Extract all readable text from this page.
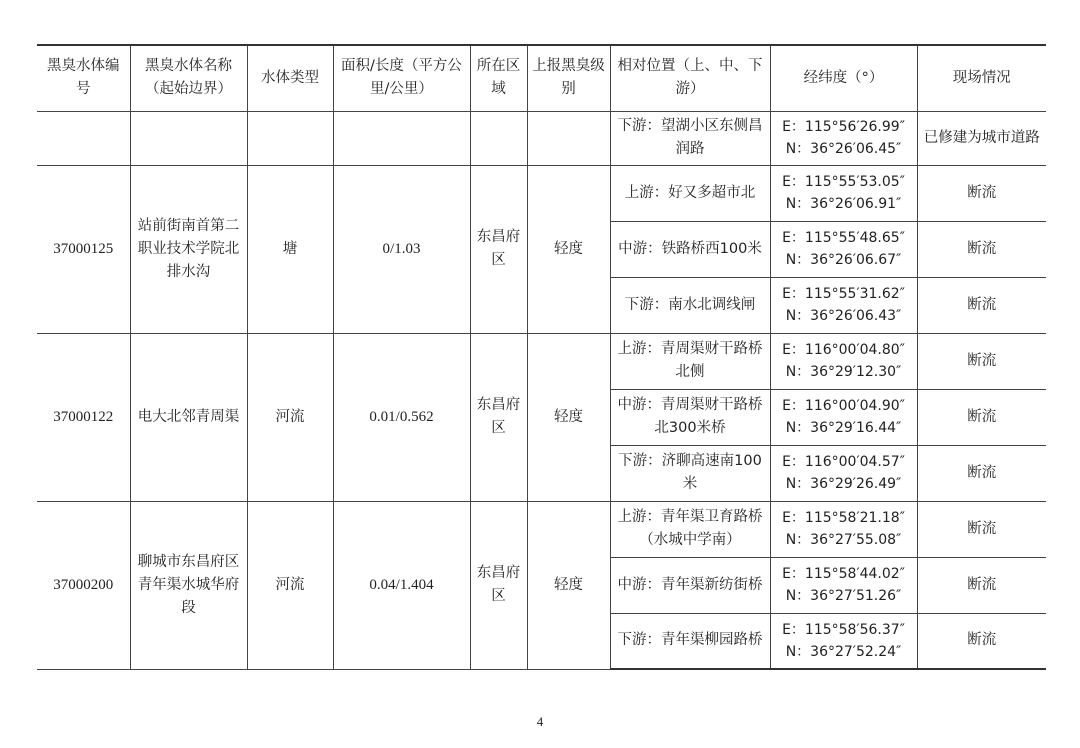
黑臭水体编号	黑臭水体名称（起始边界）	水体类型	面积/长度（平方公里/公里）	所在区域	上报黑臭级别	相对位置（上、中、下游）	经纬度（°）	现场情况
						下游：望湖小区东侧昌润路	E：115°56′26.99″
N：36°26′06.45″	已修建为城市道路
37000125	站前街南首第二职业技术学院北排水沟	塘	0/1.03	东昌府区	轻度	上游：好又多超市北	E：115°55′53.05″
N：36°26′06.91″	断流
						中游：铁路桥西100米	E：115°55′48.65″
N：36°26′06.67″	断流
						下游：南水北调线闸	E：115°55′31.62″
N：36°26′06.43″	断流
37000122	电大北邻青周渠	河流	0.01/0.562	东昌府区	轻度	上游：青周渠财干路桥北侧	E：116°00′04.80″
N：36°29′12.30″	断流
						中游：青周渠财干路桥北300米桥	E：116°00′04.90″
N：36°29′16.44″	断流
						下游：济聊高速南100米	E：116°00′04.57″
N：36°29′26.49″	断流
37000200	聊城市东昌府区青年渠水城华府段	河流	0.04/1.404	东昌府区	轻度	上游：青年渠卫育路桥（水城中学南）	E：115°58′21.18″
N：36°27′55.08″	断流
						中游：青年渠新纺街桥	E：115°58′44.02″
N：36°27′51.26″	断流
						下游：青年渠柳园路桥	E：115°58′56.37″
N：36°27′52.24″	断流
4
